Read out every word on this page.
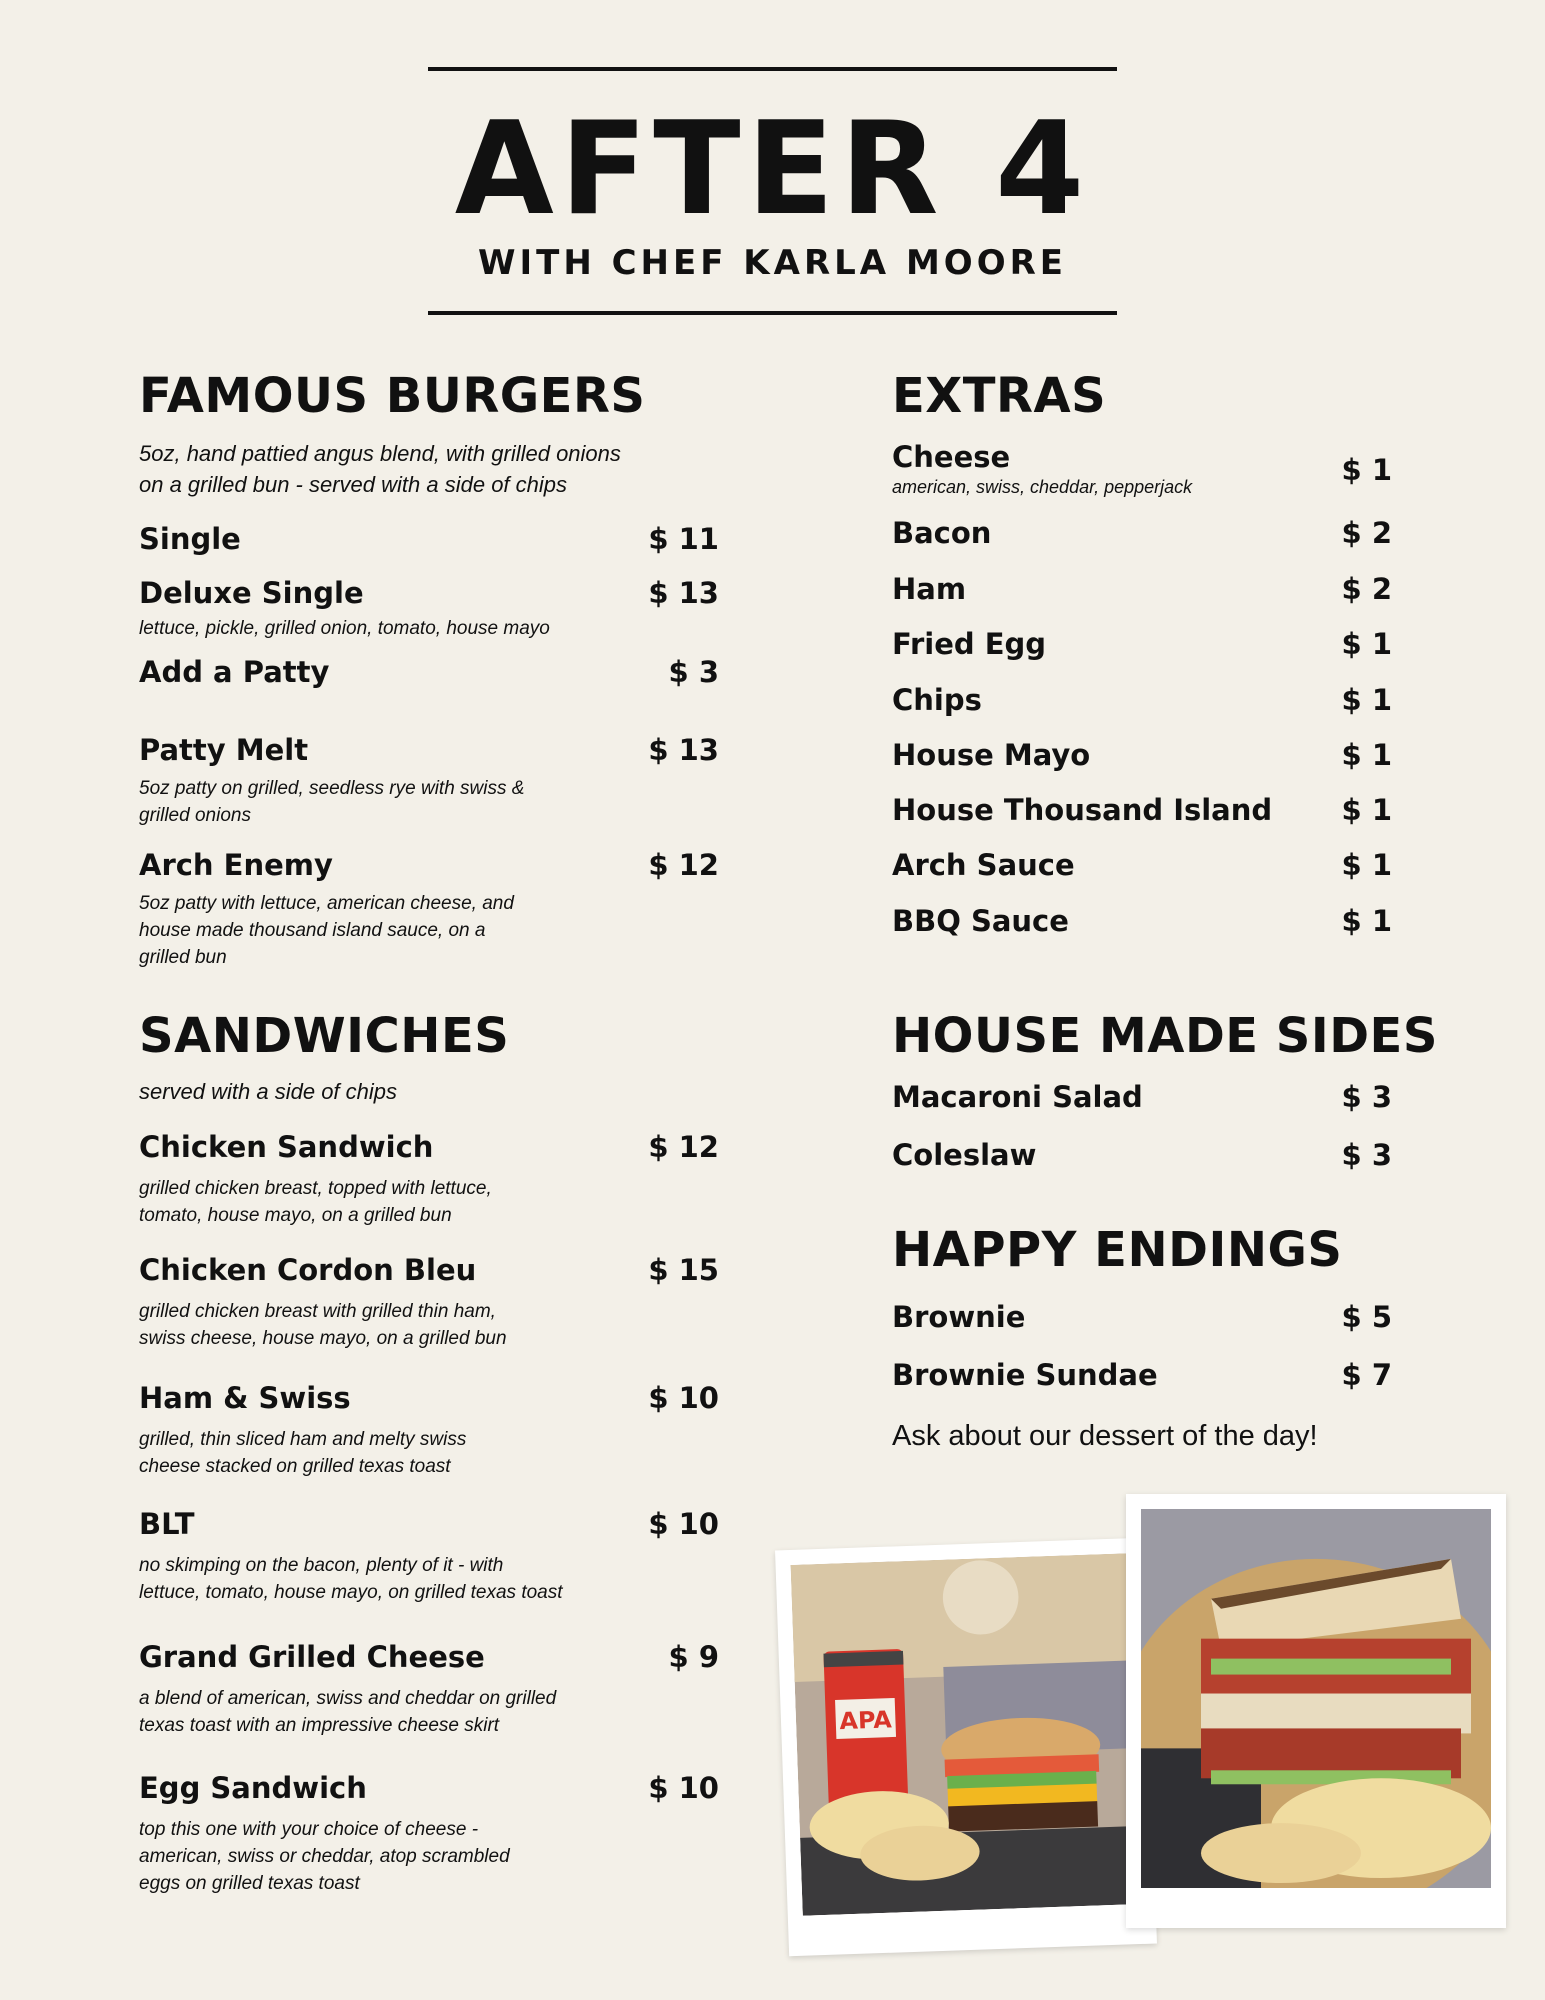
AFTER 4
WITH CHEF KARLA MOORE
FAMOUS BURGERS
5oz, hand pattied angus blend, with grilled onions
on a grilled bun - served with a side of chips
Single	$ 11
Deluxe Single	$ 13
lettuce, pickle, grilled onion, tomato, house mayo
Add a Patty	$ 3
Patty Melt	$ 13
5oz patty on grilled, seedless rye with swiss &
grilled onions
Arch Enemy	$ 12
5oz patty with lettuce, american cheese, and
house made thousand island sauce, on a
grilled bun
SANDWICHES
served with a side of chips
Chicken Sandwich	$ 12
grilled chicken breast, topped with lettuce,
tomato, house mayo, on a grilled bun
Chicken Cordon Bleu	$ 15
grilled chicken breast with grilled thin ham,
swiss cheese, house mayo, on a grilled bun
Ham & Swiss	$ 10
grilled, thin sliced ham and melty swiss
cheese stacked on grilled texas toast
BLT	$ 10
no skimping on the bacon, plenty of it - with
lettuce, tomato, house mayo, on grilled texas toast
Grand Grilled Cheese	$ 9
a blend of american, swiss and cheddar on grilled
texas toast with an impressive cheese skirt
Egg Sandwich	$ 10
top this one with your choice of cheese -
american, swiss or cheddar, atop scrambled
eggs on grilled texas toast
EXTRAS
Cheese	$ 1
american, swiss, cheddar, pepperjack
Bacon	$ 2
Ham	$ 2
Fried Egg	$ 1
Chips	$ 1
House Mayo	$ 1
House Thousand Island $ 1
Arch Sauce	$ 1
BBQ Sauce	$ 1
HOUSE MADE SIDES
Macaroni Salad	$ 3
Coleslaw	$ 3
HAPPY ENDINGS
Brownie	$ 5
Brownie Sundae	$ 7
Ask about our dessert of the day!
APA
